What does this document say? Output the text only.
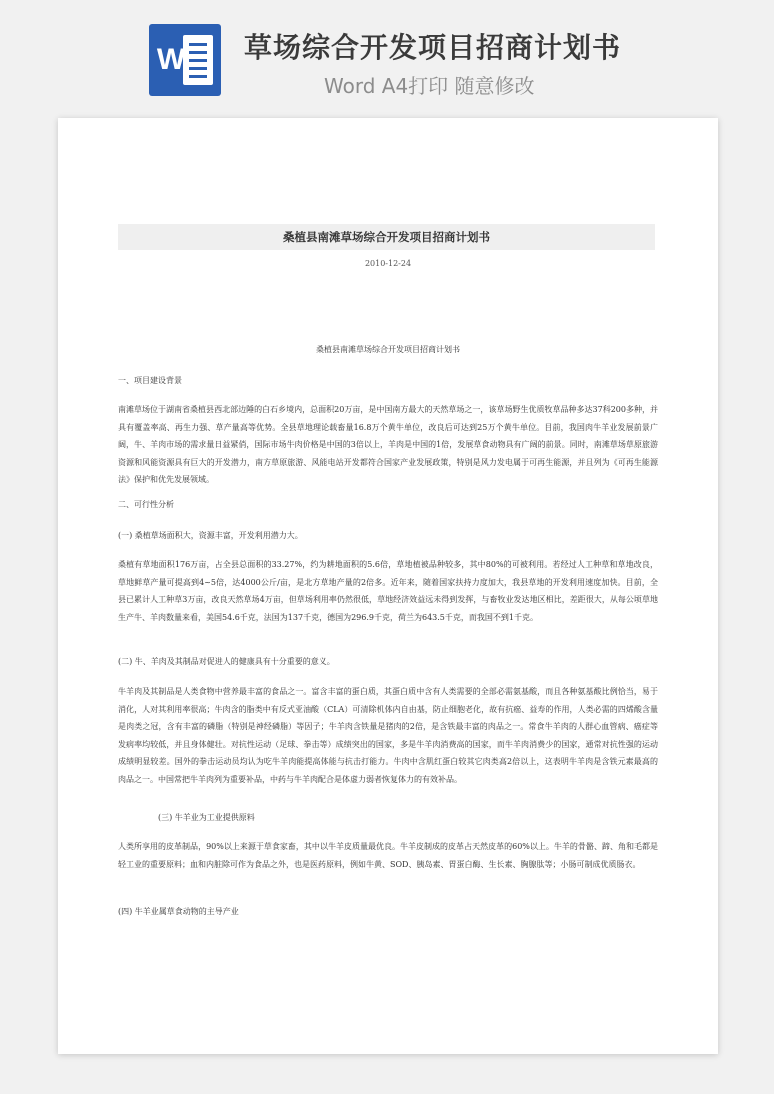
W 草场综合开发项目招商计划书
Word A4打印 随意修改
桑植县南滩草场综合开发项目招商计划书
2010-12-24
桑植县南滩草场综合开发项目招商计划书
一、项目建设背景
南滩草场位于湖南省桑植县西北部边陲的白石乡境内，总面积20万亩，是中国南方最大的天然草场之一，该草场野生优质牧草品种多达37科200多种，并具有覆盖率高、再生力强、草产量高等优势。全县草地理论载畜量16.8万个黄牛单位，改良后可达到25万个黄牛单位。目前，我国肉牛羊业发展前景广阔，牛、羊肉市场的需求量日益紧俏，国际市场牛肉价格是中国的3倍以上，羊肉是中国的1倍，发展草食动物具有广阔的前景。同时，南滩草场草原旅游资源和风能资源具有巨大的开发潜力，南方草原旅游、风能电站开发都符合国家产业发展政策，特别是风力发电属于可再生能源，并且列为《可再生能源法》保护和优先发展领域。
二、可行性分析
(一) 桑植草场面积大，资源丰富，开发利用潜力大。
桑植有草地面积176万亩，占全县总面积的33.27%，约为耕地面积的5.6倍，草地植被品种较多，其中80%的可被利用。若经过人工种草和草地改良，草地鲜草产量可提高到4~5倍，达4000公斤/亩，是北方草地产量的2倍多。近年来，随着国家扶持力度加大，我县草地的开发利用速度加快。目前，全县已累计人工种草3万亩，改良天然草场4万亩，但草场利用率仍然很低，草地经济效益远未得到发挥，与畜牧业发达地区相比，差距很大，从每公顷草地生产牛、羊肉数量来看，美国54.6千克，法国为137千克，德国为296.9千克，荷兰为643.5千克，而我国不到1千克。
(二) 牛、羊肉及其制品对促进人的健康具有十分重要的意义。
牛羊肉及其制品是人类食物中营养最丰富的食品之一。富含丰富的蛋白质，其蛋白质中含有人类需要的全部必需氨基酸，而且各种氨基酸比例恰当，易于消化，人对其利用率很高；牛肉含的脂类中有反式亚油酸（CLA）可清除机体内自由基，防止细胞老化，故有抗癌、益寿的作用，人类必需的四烯酸含量是肉类之冠，含有丰富的磷脂（特别是神经磷脂）等因子；牛羊肉含铁量是猪肉的2倍，是含铁最丰富的肉品之一。常食牛羊肉的人群心血管病、癌症等发病率均较低，并且身体健壮。对抗性运动（足球、拳击等）成绩突出的国家，多是牛羊肉消费高的国家，而牛羊肉消费少的国家，通常对抗性强的运动成绩明显较差。国外的拳击运动员均认为吃牛羊肉能提高体能与抗击打能力。牛肉中含肌红蛋白较其它肉类高2倍以上，这表明牛羊肉是含铁元素最高的肉品之一。中国常把牛羊肉列为重要补品，中药与牛羊肉配合是体虚力弱者恢复体力的有效补品。
(三) 牛羊业为工业提供原料
人类所享用的皮革制品，90%以上来源于草食家畜，其中以牛羊皮质量最优良。牛羊皮制成的皮革占天然皮革的60%以上。牛羊的骨骼、蹄、角和毛都是轻工业的重要原料；血和内脏除可作为食品之外，也是医药原料，例如牛黄、SOD、胰岛素、胃蛋白酶、生长素、胸腺肽等；小肠可制成优质肠衣。
(四) 牛羊业属草食动物的主导产业
